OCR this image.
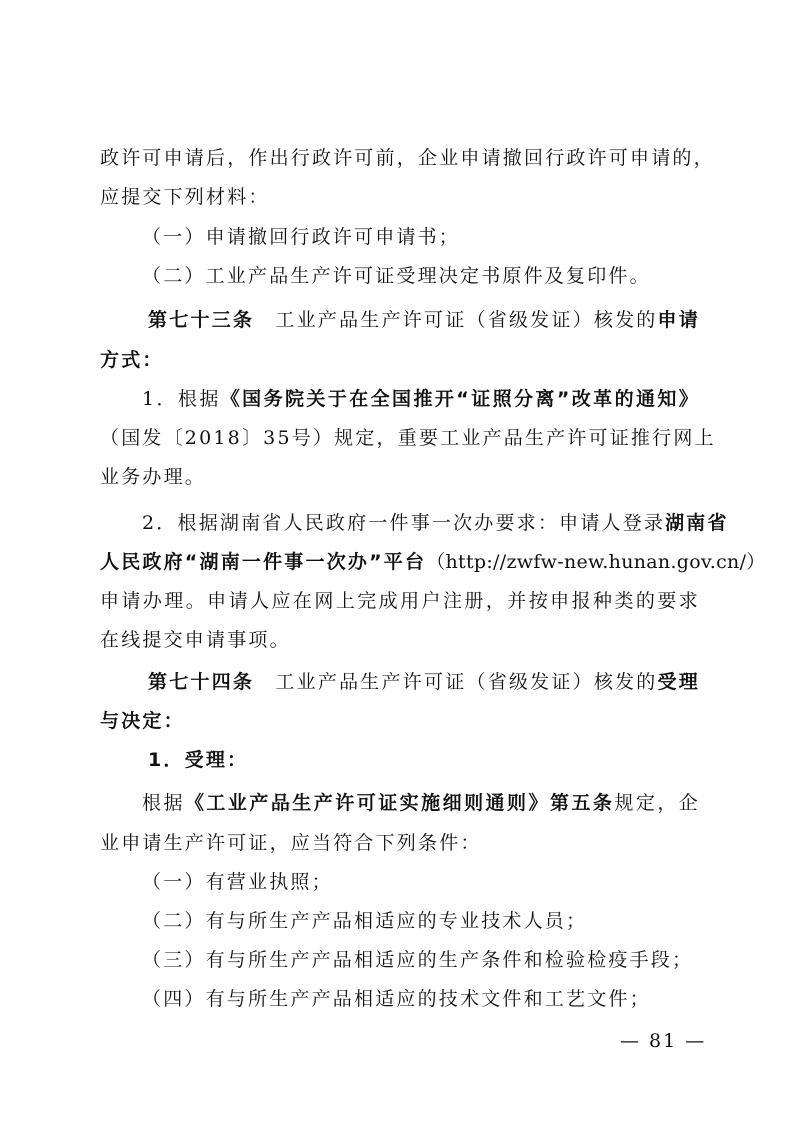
政许可申请后，作出行政许可前，企业申请撤回行政许可申请的，
应提交下列材料：
（一）申请撤回行政许可申请书；
（二）工业产品生产许可证受理决定书原件及复印件。
第七十三条　工业产品生产许可证（省级发证）核发的申请
方式：
1．根据《国务院关于在全国推开“证照分离”改革的通知》
（国发〔2018〕35号）规定，重要工业产品生产许可证推行网上
业务办理。
2．根据湖南省人民政府一件事一次办要求：申请人登录湖南省
人民政府“湖南一件事一次办”平台（http://zwfw-new.hunan.gov.cn/）
申请办理。申请人应在网上完成用户注册，并按申报种类的要求
在线提交申请事项。
第七十四条　工业产品生产许可证（省级发证）核发的受理
与决定：
1．受理：
根据《工业产品生产许可证实施细则通则》第五条规定，企
业申请生产许可证，应当符合下列条件：
（一）有营业执照；
（二）有与所生产产品相适应的专业技术人员；
（三）有与所生产产品相适应的生产条件和检验检疫手段；
（四）有与所生产产品相适应的技术文件和工艺文件；
— 81 —
